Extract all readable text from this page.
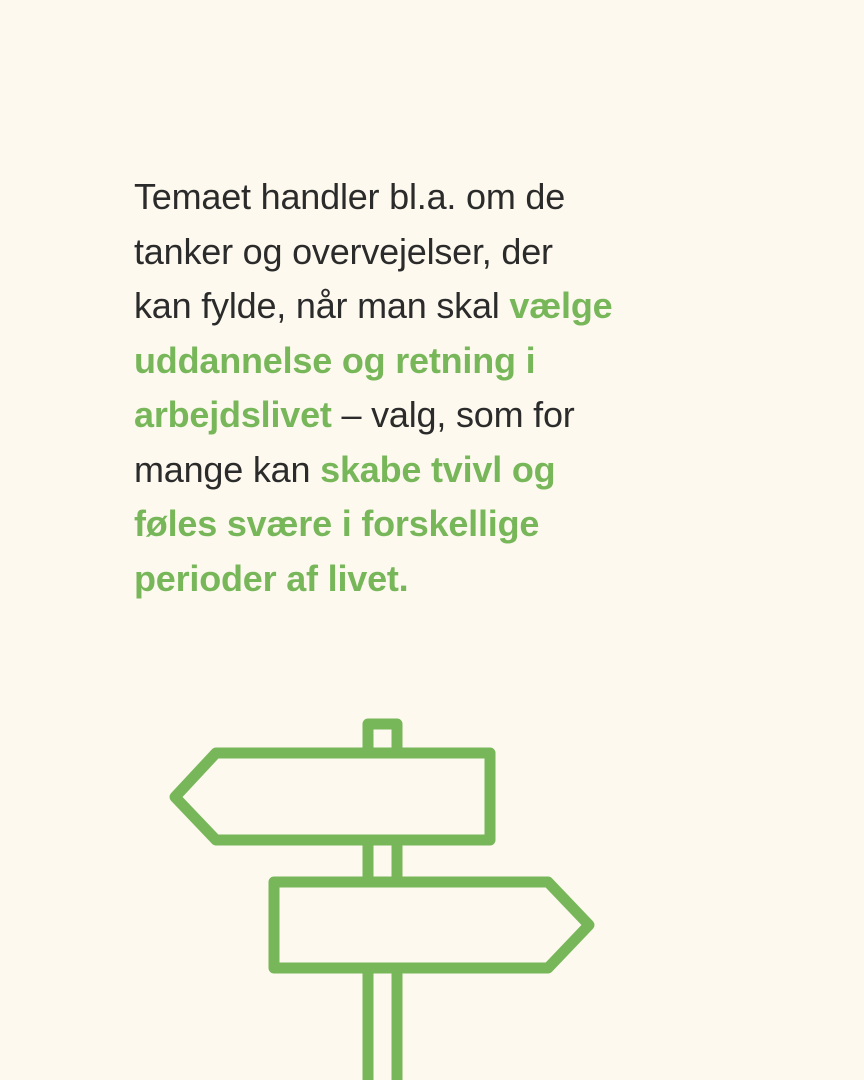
Temaet handler bl.a. om de
tanker og overvejelser, der
kan fylde, når man skal vælge
uddannelse og retning i
arbejdslivet – valg, som for
mange kan skabe tvivl og
føles svære i forskellige
perioder af livet.
